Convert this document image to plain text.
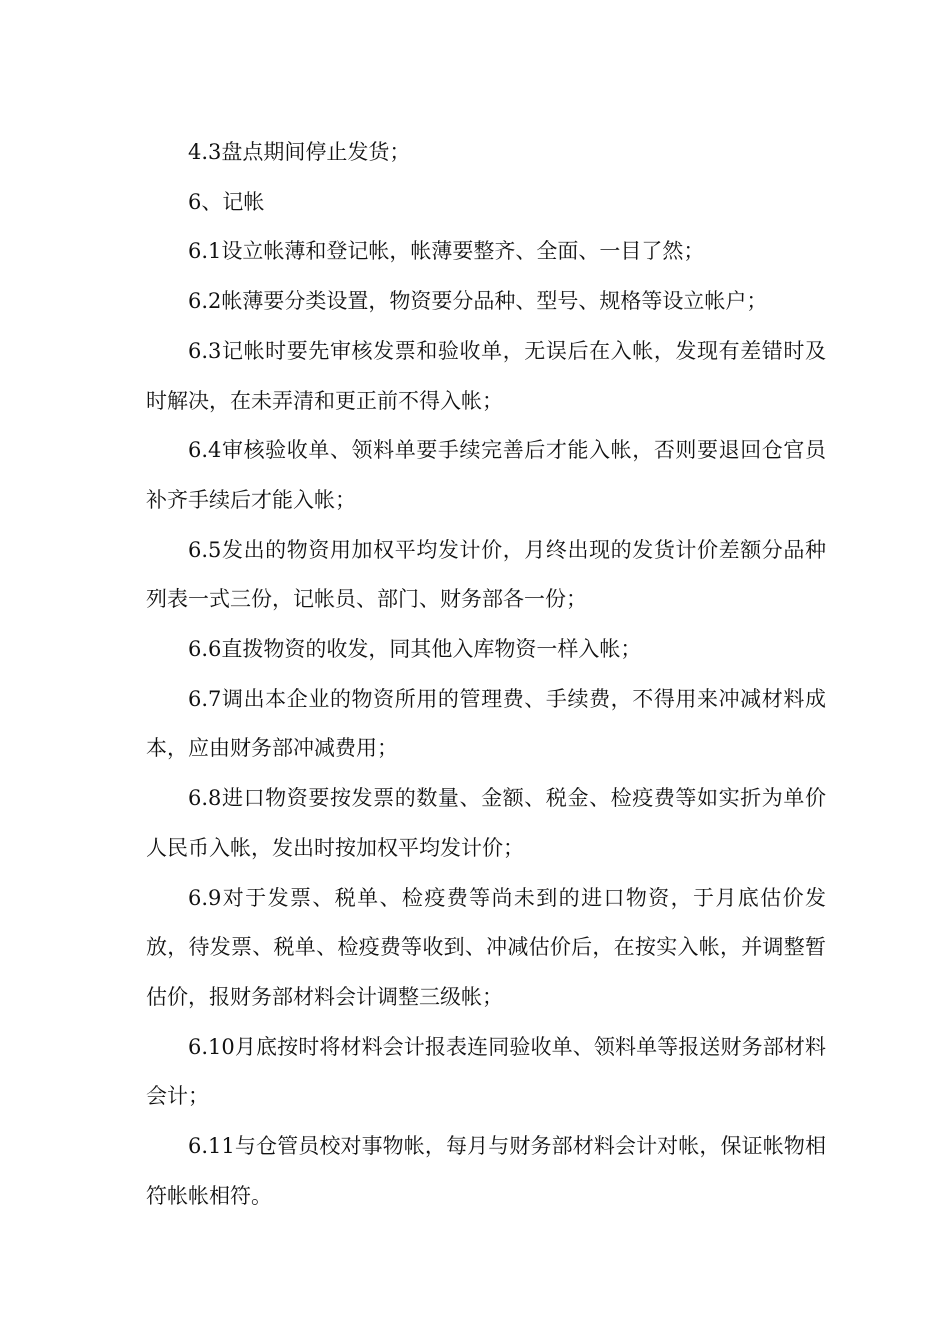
4.3盘点期间停止发货；

6、记帐

6.1设立帐薄和登记帐，帐薄要整齐、全面、一目了然；

6.2帐薄要分类设置，物资要分品种、型号、规格等设立帐户；

6.3记帐时要先审核发票和验收单，无误后在入帐，发现有差错时及时解决，在未弄清和更正前不得入帐；

6.4审核验收单、领料单要手续完善后才能入帐，否则要退回仓官员补齐手续后才能入帐；

6.5发出的物资用加权平均发计价，月终出现的发货计价差额分品种列表一式三份，记帐员、部门、财务部各一份；

6.6直拨物资的收发，同其他入库物资一样入帐；

6.7调出本企业的物资所用的管理费、手续费，不得用来冲减材料成本，应由财务部冲减费用；

6.8进口物资要按发票的数量、金额、税金、检疫费等如实折为单价人民币入帐，发出时按加权平均发计价；

6.9对于发票、税单、检疫费等尚未到的进口物资，于月底估价发放，待发票、税单、检疫费等收到、冲减估价后，在按实入帐，并调整暂估价，报财务部材料会计调整三级帐；

6.10月底按时将材料会计报表连同验收单、领料单等报送财务部材料会计；

6.11与仓管员校对事物帐，每月与财务部材料会计对帐，保证帐物相符帐帐相符。
